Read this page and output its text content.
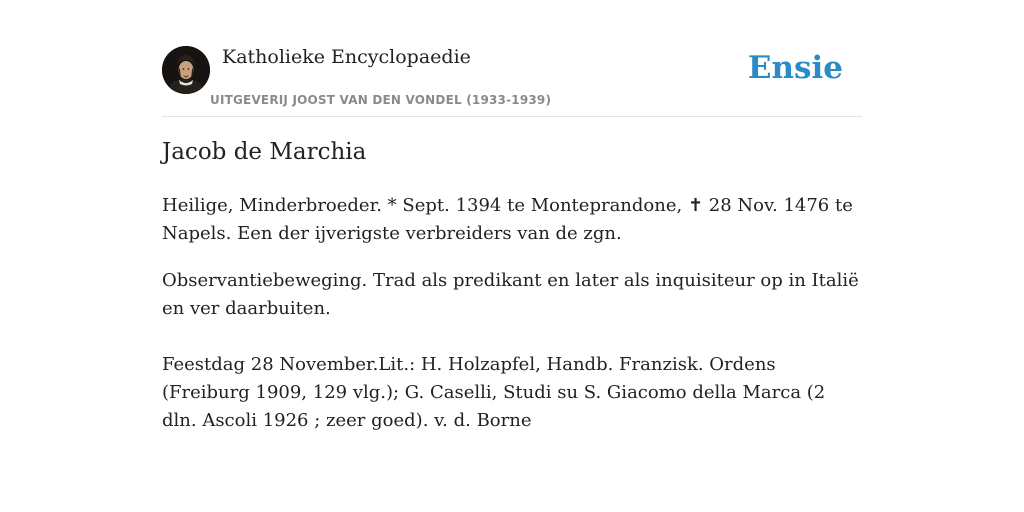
Katholieke Encyclopaedie
UITGEVERIJ JOOST VAN DEN VONDEL (1933-1939)
Ensie
Jacob de Marchia

Heilige, Minderbroeder. * Sept. 1394 te Monteprandone, ✝ 28 Nov. 1476 te Napels. Een der ijverigste verbreiders van de zgn.

Observantiebeweging. Trad als predikant en later als inquisiteur op in Italië en ver daarbuiten.

Feestdag 28 November.Lit.: H. Holzapfel, Handb. Franzisk. Ordens (Freiburg 1909, 129 vlg.); G. Caselli, Studi su S. Giacomo della Marca (2 dln. Ascoli 1926 ; zeer goed). v. d. Borne
